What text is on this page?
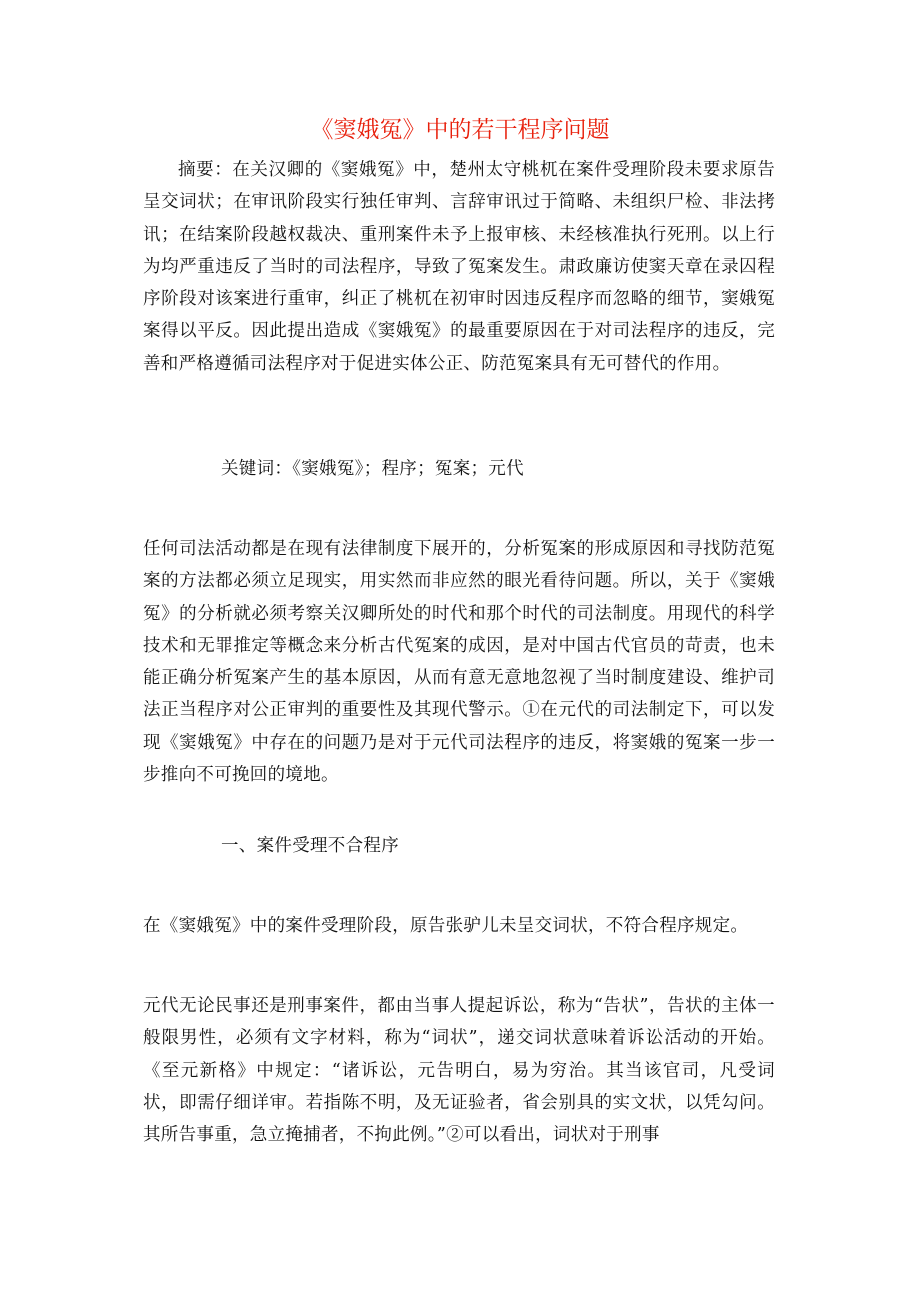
《窦娥冤》中的若干程序问题

摘要：在关汉卿的《窦娥冤》中，楚州太守桃杌在案件受理阶段未要求原告呈交词状；在审讯阶段实行独任审判、言辞审讯过于简略、未组织尸检、非法拷讯；在结案阶段越权裁决、重刑案件未予上报审核、未经核准执行死刑。以上行为均严重违反了当时的司法程序，导致了冤案发生。肃政廉访使窦天章在录囚程序阶段对该案进行重审，纠正了桃杌在初审时因违反程序而忽略的细节，窦娥冤案得以平反。因此提出造成《窦娥冤》的最重要原因在于对司法程序的违反，完善和严格遵循司法程序对于促进实体公正、防范冤案具有无可替代的作用。

关键词：《窦娥冤》；程序；冤案；元代

任何司法活动都是在现有法律制度下展开的，分析冤案的形成原因和寻找防范冤案的方法都必须立足现实，用实然而非应然的眼光看待问题。所以，关于《窦娥冤》的分析就必须考察关汉卿所处的时代和那个时代的司法制度。用现代的科学技术和无罪推定等概念来分析古代冤案的成因，是对中国古代官员的苛责，也未能正确分析冤案产生的基本原因，从而有意无意地忽视了当时制度建设、维护司法正当程序对公正审判的重要性及其现代警示。①在元代的司法制定下，可以发现《窦娥冤》中存在的问题乃是对于元代司法程序的违反，将窦娥的冤案一步一步推向不可挽回的境地。

一、案件受理不合程序

在《窦娥冤》中的案件受理阶段，原告张驴儿未呈交词状，不符合程序规定。

元代无论民事还是刑事案件，都由当事人提起诉讼，称为“告状”，告状的主体一般限男性，必须有文字材料，称为“词状”，递交词状意味着诉讼活动的开始。《至元新格》中规定：“诸诉讼，元告明白，易为穷治。其当该官司，凡受词状，即需仔细详审。若指陈不明，及无证验者，省会别具的实文状，以凭勾问。其所告事重，急立掩捕者，不拘此例。”②可以看出，词状对于刑事
